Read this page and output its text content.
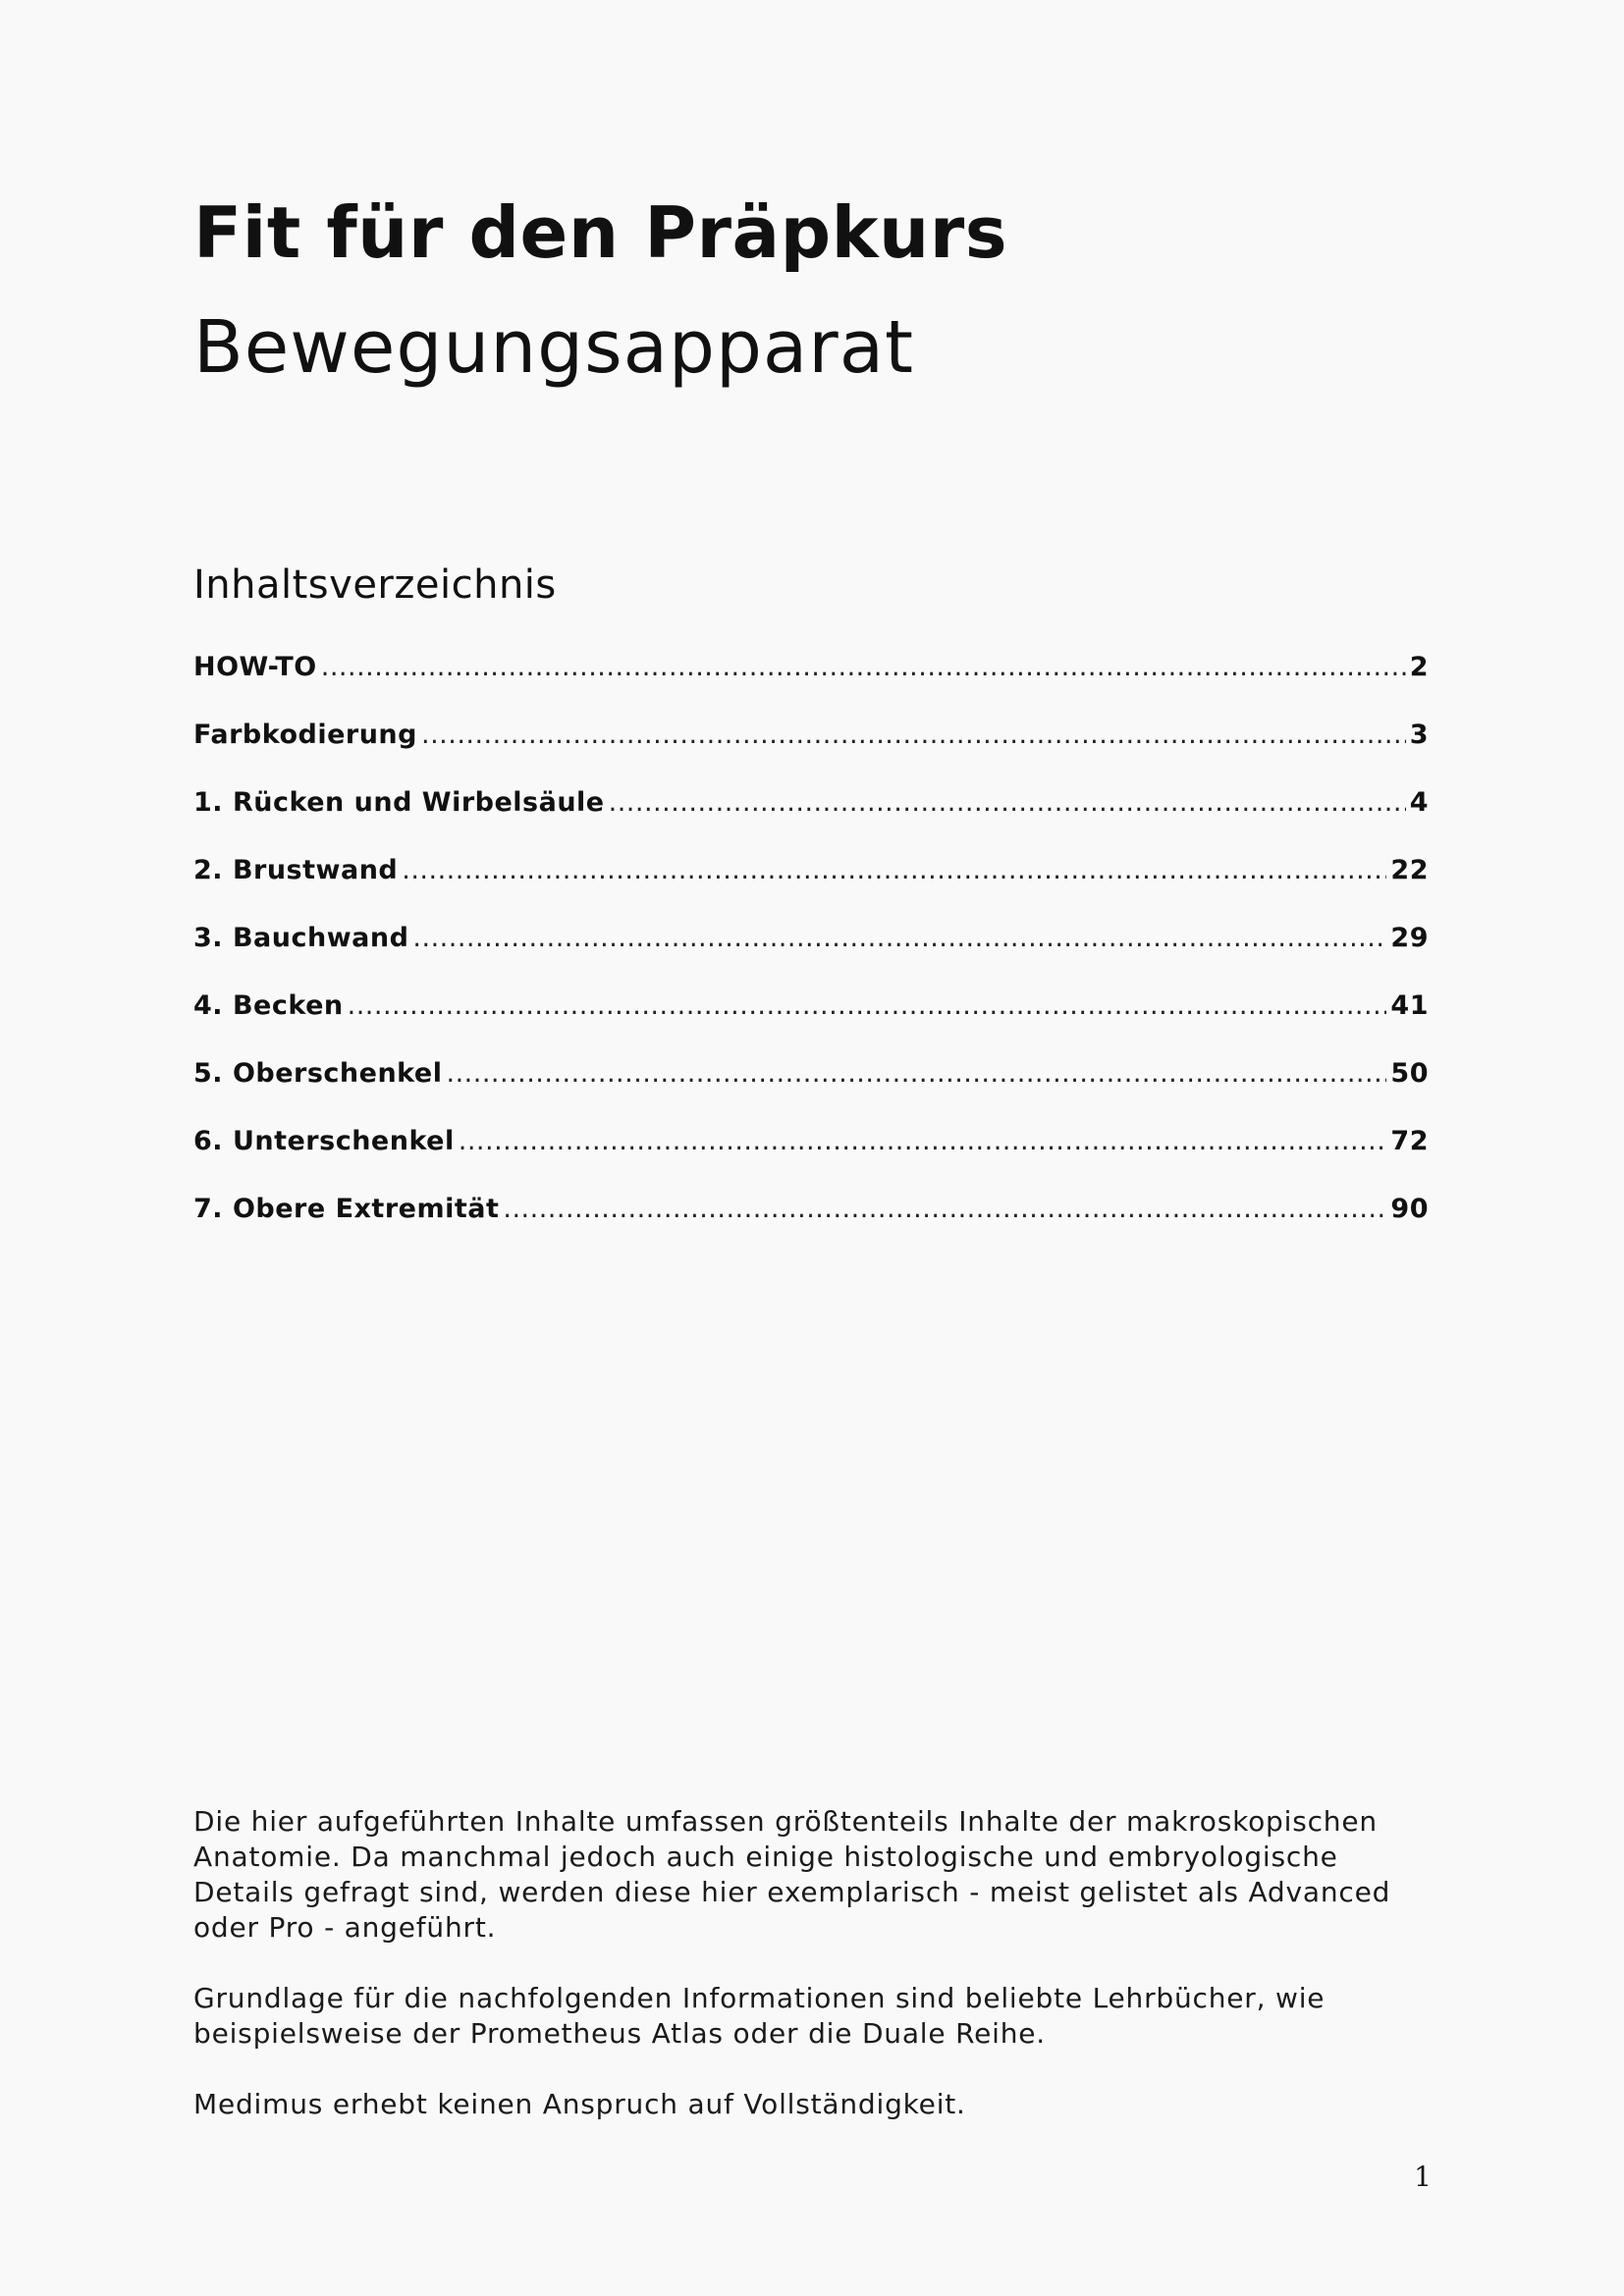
Fit für den Präpkurs
Bewegungsapparat
Inhaltsverzeichnis
HOW-TO .....	2
Farbkodierung .....	3
1. Rücken und Wirbelsäule .....	4
2. Brustwand .....	22
3. Bauchwand .....	29
4. Becken .....	41
5. Oberschenkel .....	50
6. Unterschenkel .....	72
7. Obere Extremität .....	90

Die hier aufgeführten Inhalte umfassen größtenteils Inhalte der makroskopischen Anatomie. Da manchmal jedoch auch einige histologische und embryologische Details gefragt sind, werden diese hier exemplarisch - meist gelistet als Advanced oder Pro - angeführt.

Grundlage für die nachfolgenden Informationen sind beliebte Lehrbücher, wie beispielsweise der Prometheus Atlas oder die Duale Reihe.

Medimus erhebt keinen Anspruch auf Vollständigkeit.

1
